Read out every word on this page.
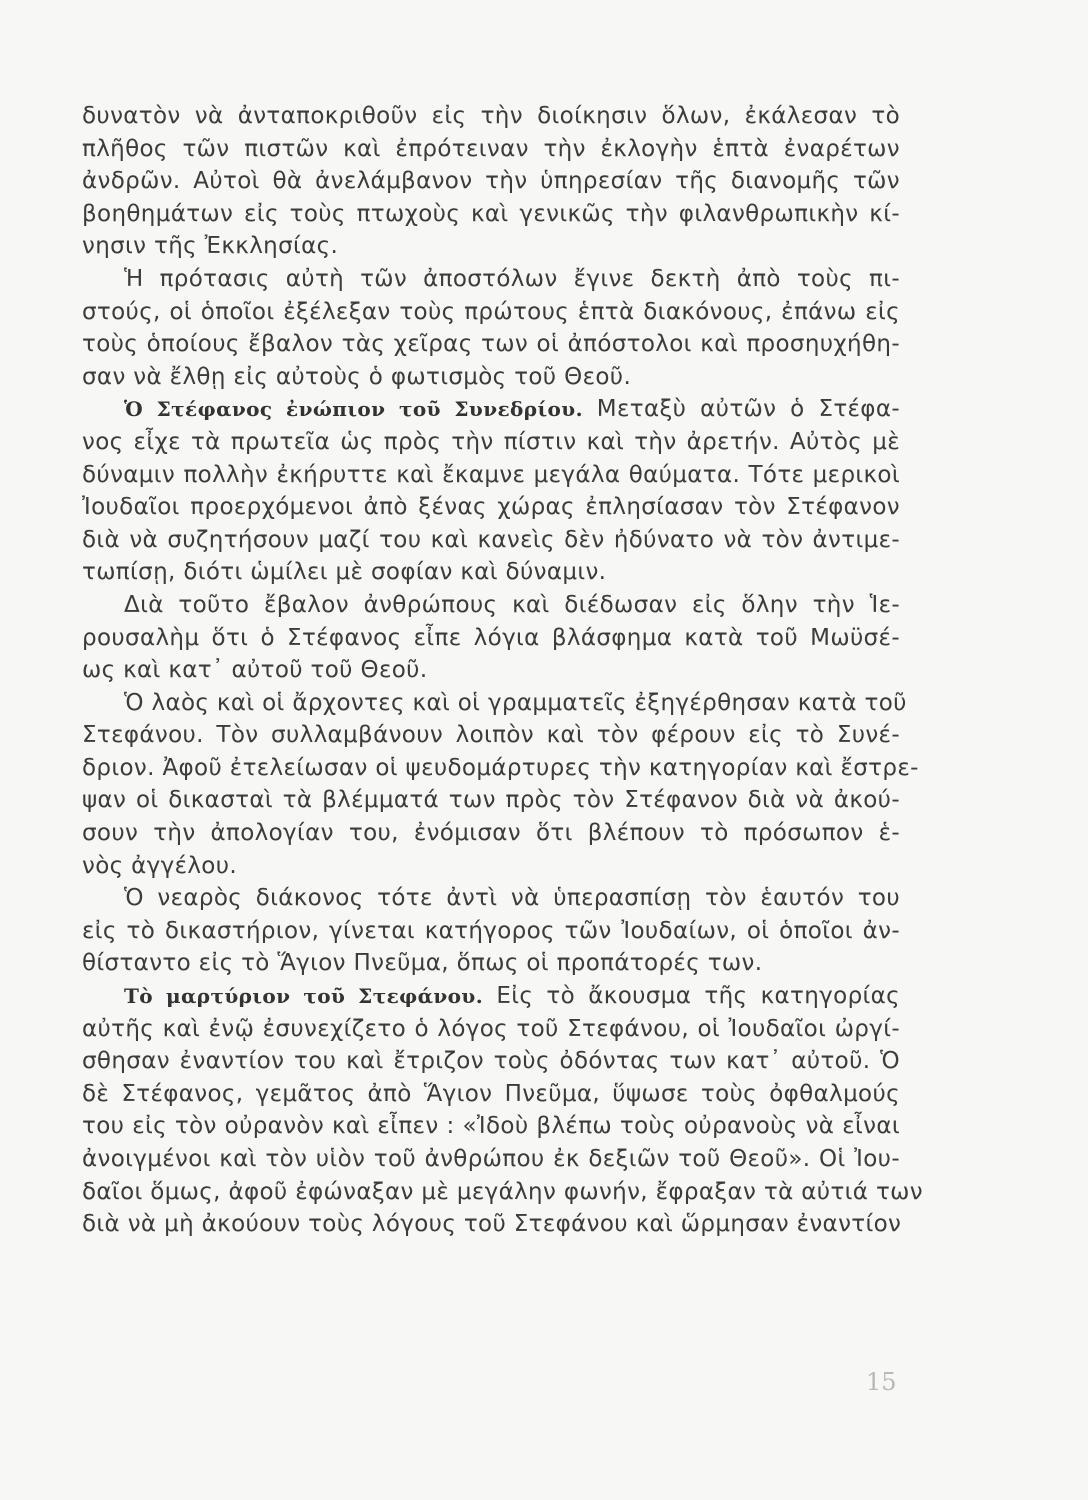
δυνατὸν νὰ ἀνταποκριθοῦν εἰς τὴν διοίκησιν ὅλων, ἐκάλεσαν τὸ
πλῆθος τῶν πιστῶν καὶ ἐπρότειναν τὴν ἐκλογὴν ἑπτὰ ἐναρέτων
ἀνδρῶν. Αὐτοὶ θὰ ἀνελάμβανον τὴν ὑπηρεσίαν τῆς διανομῆς τῶν
βοηθημάτων εἰς τοὺς πτωχοὺς καὶ γενικῶς τὴν φιλανθρωπικὴν κί-
νησιν τῆς Ἐκκλησίας.
Ἡ πρότασις αὐτὴ τῶν ἀποστόλων ἔγινε δεκτὴ ἀπὸ τοὺς πι-
στούς, οἱ ὁποῖοι ἐξέλεξαν τοὺς πρώτους ἑπτὰ διακόνους, ἐπάνω εἰς
τοὺς ὁποίους ἔβαλον τὰς χεῖρας των οἱ ἀπόστολοι καὶ προσηυχήθη-
σαν νὰ ἔλθῃ εἰς αὐτοὺς ὁ φωτισμὸς τοῦ Θεοῦ.
Ὁ Στέφανος ἐνώπιον τοῦ Συνεδρίου. Μεταξὺ αὐτῶν ὁ Στέφα-
νος εἶχε τὰ πρωτεῖα ὡς πρὸς τὴν πίστιν καὶ τὴν ἀρετήν. Αὐτὸς μὲ
δύναμιν πολλὴν ἐκήρυττε καὶ ἔκαμνε μεγάλα θαύματα. Τότε μερικοὶ
Ἰουδαῖοι προερχόμενοι ἀπὸ ξένας χώρας ἐπλησίασαν τὸν Στέφανον
διὰ νὰ συζητήσουν μαζί του καὶ κανεὶς δὲν ἠδύνατο νὰ τὸν ἀντιμε-
τωπίσῃ, διότι ὡμίλει μὲ σοφίαν καὶ δύναμιν.
Διὰ τοῦτο ἔβαλον ἀνθρώπους καὶ διέδωσαν εἰς ὅλην τὴν Ἱε-
ρουσαλὴμ ὅτι ὁ Στέφανος εἶπε λόγια βλάσφημα κατὰ τοῦ Μωϋσέ-
ως καὶ κατ᾽ αὐτοῦ τοῦ Θεοῦ.
Ὁ λαὸς καὶ οἱ ἄρχοντες καὶ οἱ γραμματεῖς ἐξηγέρθησαν κατὰ τοῦ
Στεφάνου. Τὸν συλλαμβάνουν λοιπὸν καὶ τὸν φέρουν εἰς τὸ Συνέ-
δριον. Ἀφοῦ ἐτελείωσαν οἱ ψευδομάρτυρες τὴν κατηγορίαν καὶ ἔστρε-
ψαν οἱ δικασταὶ τὰ βλέμματά των πρὸς τὸν Στέφανον διὰ νὰ ἀκού-
σουν τὴν ἀπολογίαν του, ἐνόμισαν ὅτι βλέπουν τὸ πρόσωπον ἑ-
νὸς ἀγγέλου.
Ὁ νεαρὸς διάκονος τότε ἀντὶ νὰ ὑπερασπίσῃ τὸν ἑαυτόν του
εἰς τὸ δικαστήριον, γίνεται κατήγορος τῶν Ἰουδαίων, οἱ ὁποῖοι ἀν-
θίσταντο εἰς τὸ Ἅγιον Πνεῦμα, ὅπως οἱ προπάτορές των.
Τὸ μαρτύριον τοῦ Στεφάνου. Εἰς τὸ ἄκουσμα τῆς κατηγορίας
αὐτῆς καὶ ἐνῷ ἐσυνεχίζετο ὁ λόγος τοῦ Στεφάνου, οἱ Ἰουδαῖοι ὠργί-
σθησαν ἐναντίον του καὶ ἔτριζον τοὺς ὀδόντας των κατ᾽ αὐτοῦ. Ὁ
δὲ Στέφανος, γεμᾶτος ἀπὸ Ἅγιον Πνεῦμα, ὕψωσε τοὺς ὀφθαλμούς
του εἰς τὸν οὐρανὸν καὶ εἶπεν : «Ἰδοὺ βλέπω τοὺς οὐρανοὺς νὰ εἶναι
ἀνοιγμένοι καὶ τὸν υἱὸν τοῦ ἀνθρώπου ἐκ δεξιῶν τοῦ Θεοῦ». Οἱ Ἰου-
δαῖοι ὅμως, ἀφοῦ ἐφώναξαν μὲ μεγάλην φωνήν, ἔφραξαν τὰ αὐτιά των
διὰ νὰ μὴ ἀκούουν τοὺς λόγους τοῦ Στεφάνου καὶ ὥρμησαν ἐναντίον
15
